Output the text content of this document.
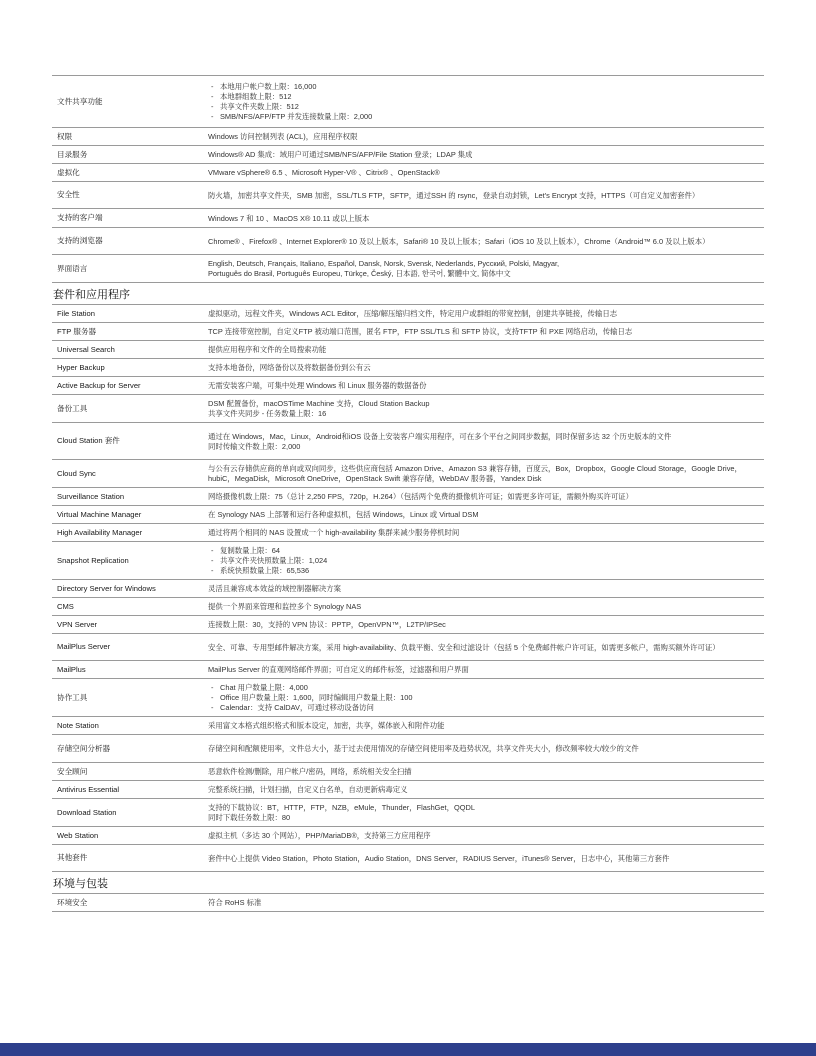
文件共享功能
- 本地用户帐户数上限：16,000
- 本地群组数上限：512
- 共享文件夹数上限：512
- SMB/NFS/AFP/FTP 并发连接数量上限：2,000
权限	Windows 访问控制列表 (ACL)，应用程序权限
目录服务	Windows® AD 集成：域用户可通过SMB/NFS/AFP/File Station 登录；LDAP 集成
虚拟化	VMware vSphere® 6.5 、Microsoft Hyper-V® 、Citrix® 、OpenStack®
安全性	防火墙，加密共享文件夹，SMB 加密，SSL/TLS FTP，SFTP，通过SSH 的 rsync，登录自动封锁，Let's Encrypt 支持，HTTPS（可自定义加密套件）
支持的客户端	Windows 7 和 10 、MacOS X® 10.11 或以上版本
支持的浏览器	Chrome® 、Firefox® 、Internet Explorer® 10 及以上版本，Safari® 10 及以上版本；Safari（iOS 10 及以上版本），Chrome（Android™ 6.0 及以上版本）
界面语言	English, Deutsch, Français, Italiano, Español, Dansk, Norsk, Svensk, Nederlands, Русский, Polski, Magyar,
Português do Brasil, Português Europeu, Türkçe, Český, 日本語, 한국어, 繁體中文, 简体中文
套件和应用程序
File Station	虚拟驱动，远程文件夹，Windows ACL Editor，压缩/解压缩归档文件，特定用户或群组的带宽控制，创建共享链接，传输日志
FTP 服务器	TCP 连接带宽控制，自定义FTP 被动端口范围，匿名 FTP，FTP SSL/TLS 和 SFTP 协议，支持TFTP 和 PXE 网络启动，传输日志
Universal Search	提供应用程序和文件的全局搜索功能
Hyper Backup	支持本地备份，网络备份以及将数据备份到公有云
Active Backup for Server	无需安装客户端，可集中处理 Windows 和 Linux 服务器的数据备份
备份工具	DSM 配置备份，macOSTime Machine 支持，Cloud Station Backup
共享文件夹同步 - 任务数量上限：16
Cloud Station 套件	通过在 Windows，Mac，Linux，Android和iOS 设备上安装客户端实用程序，可在多个平台之间同步数据，同时保留多达 32 个历史版本的文件
同时传输文件数上限：2,000
Cloud Sync	与公有云存储供应商的单向或双向同步，这些供应商包括 Amazon Drive、Amazon S3 兼容存储，百度云，Box，Dropbox，Google Cloud Storage，Google Drive，hubiC，MegaDisk，Microsoft OneDrive，OpenStack Swift 兼容存储，WebDAV 服务器，Yandex Disk
Surveillance Station	网络摄像机数上限：75（总计 2,250 FPS，720p，H.264）（包括两个免费的摄像机许可证；如需更多许可证，需额外购买许可证）
Virtual Machine Manager	在 Synology NAS 上部署和运行各种虚拟机，包括 Windows，Linux 或 Virtual DSM
High Availability Manager	通过将两个相同的 NAS 设置成一个 high-availability 集群来减少服务停机时间
Snapshot Replication
- 复制数量上限：64
- 共享文件夹快照数量上限：1,024
- 系统快照数量上限：65,536
Directory Server for Windows	灵活且兼容成本效益的域控制器解决方案
CMS	提供一个界面来管理和监控多个 Synology NAS
VPN Server	连接数上限：30，支持的 VPN 协议：PPTP，OpenVPN™，L2TP/IPSec
MailPlus Server	安全、可靠、专用型邮件解决方案，采用 high-availability、负载平衡、安全和过滤设计（包括 5 个免费邮件帐户许可证，如需更多帐户，需购买额外许可证）
MailPlus	MailPlus Server 的直观网络邮件界面；可自定义的邮件标签，过滤器和用户界面
协作工具
- Chat 用户数量上限：4,000
- Office 用户数量上限：1,600，同时编辑用户数量上限：100
- Calendar：支持 CalDAV，可通过移动设备访问
Note Station	采用富文本格式组织格式和版本设定，加密，共享，媒体嵌入和附件功能
存储空间分析器	存储空间和配额使用率，文件总大小，基于过去使用情况的存储空间使用率及趋势状况，共享文件夹大小，修改频率较大/较少的文件
安全顾问	恶意软件检测/删除，用户帐户/密码，网络，系统相关安全扫描
Antivirus Essential	完整系统扫描，计划扫描，自定义白名单，自动更新病毒定义
Download Station	支持的下载协议：BT，HTTP，FTP，NZB，eMule，Thunder，FlashGet，QQDL
同时下载任务数上限：80
Web Station	虚拟主机（多达 30 个网站），PHP/MariaDB®，支持第三方应用程序
其他套件	套件中心上提供 Video Station，Photo Station，Audio Station，DNS Server，RADIUS Server，iTunes® Server，日志中心，其他第三方套件
环境与包装
环境安全	符合 RoHS 标准
